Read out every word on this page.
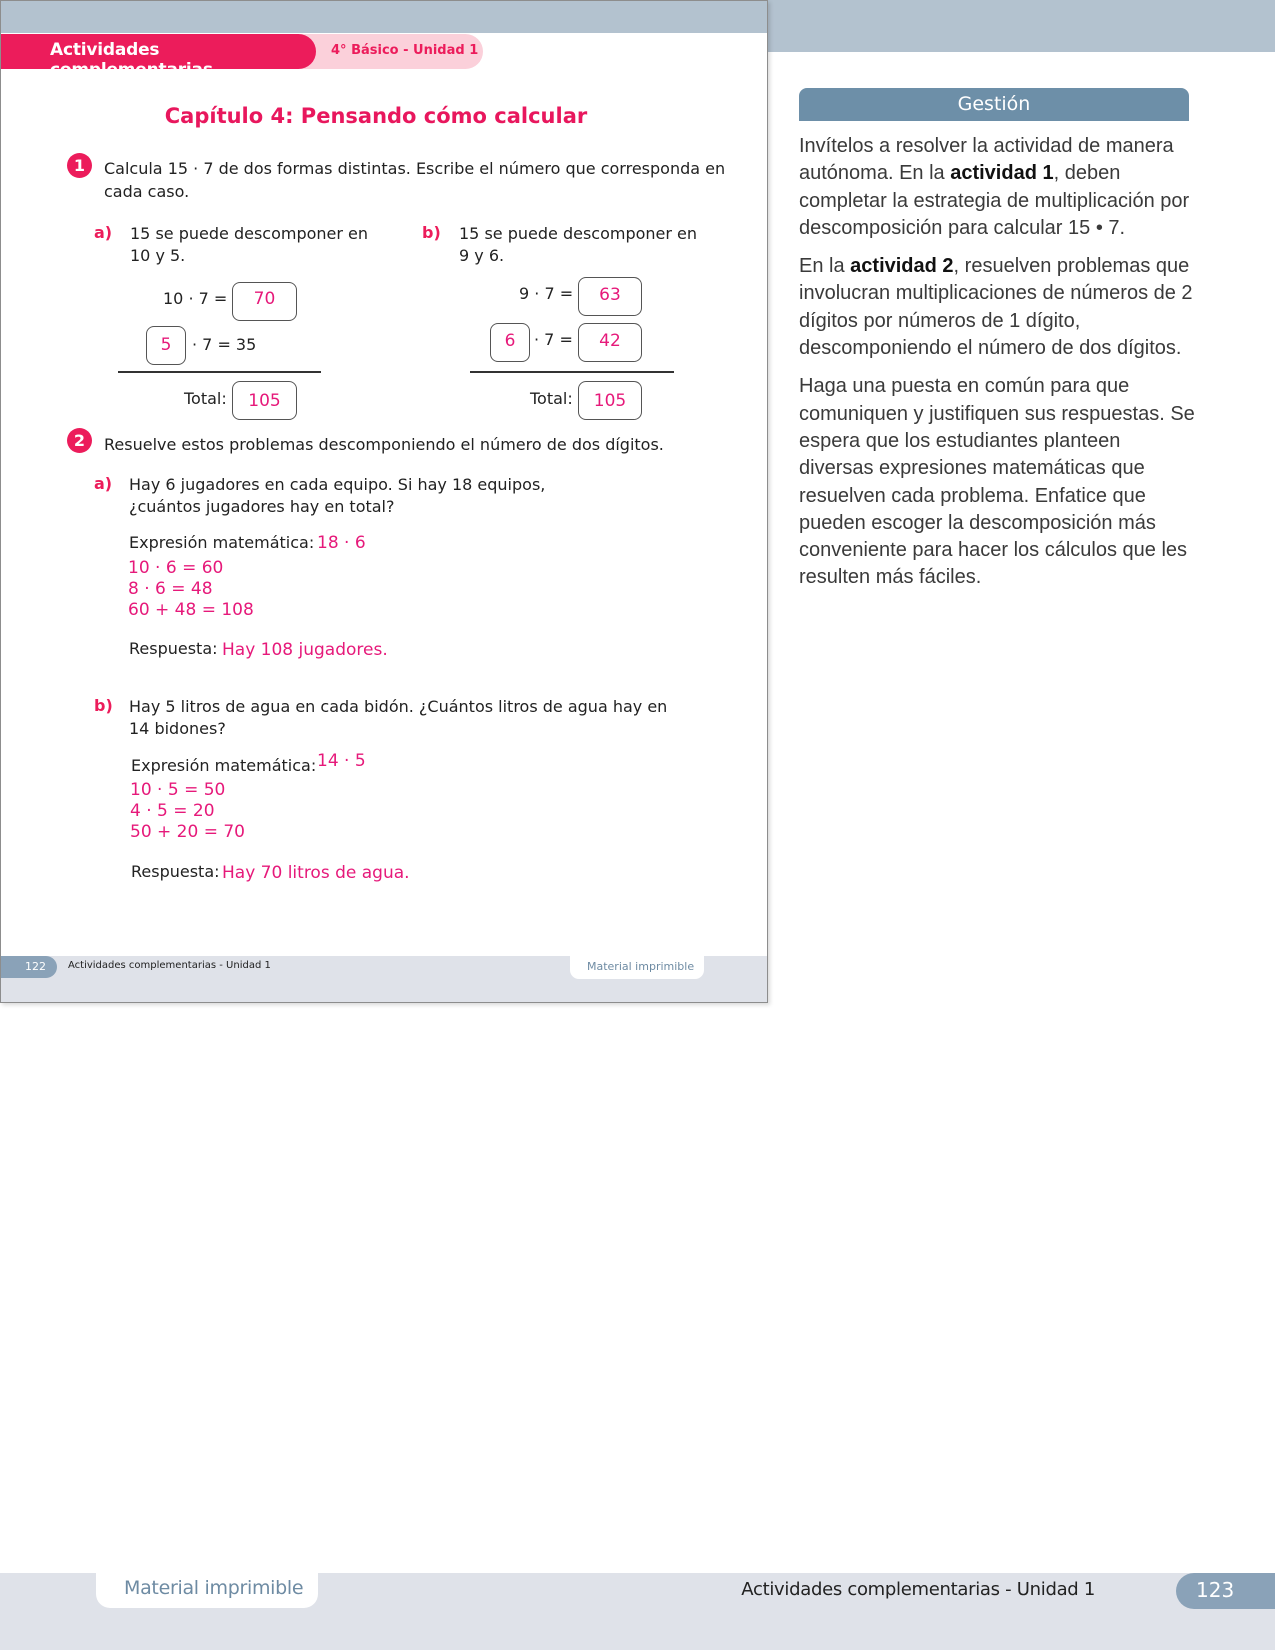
Gestión

Invítelos a resolver la actividad de manera autónoma. En la actividad 1, deben completar la estrategia de multiplicación por descomposición para calcular 15 • 7.

En la actividad 2, resuelven problemas que involucran multiplicaciones de números de 2 dígitos por números de 1 dígito, descomponiendo el número de dos dígitos.

Haga una puesta en común para que comuniquen y justifiquen sus respuestas. Se espera que los estudiantes planteen diversas expresiones matemáticas que resuelven cada problema. Enfatice que pueden escoger la descomposición más conveniente para hacer los cálculos que les resulten más fáciles.

4° Básico - Unidad 1
Actividades complementarias
Capítulo 4: Pensando cómo calcular
1	Calcula 15 · 7 de dos formas distintas. Escribe el número que corresponda en
cada caso.
a) 15 se puede descomponer en
10 y 5.
10 · 7 =	70
5	· 7 = 35
Total:	105
b) 15 se puede descomponer en
9 y 6.
9 · 7 =	63
6	· 7 =	42
Total:	105
2	Resuelve estos problemas descomponiendo el número de dos dígitos.
a) Hay 6 jugadores en cada equipo. Si hay 18 equipos,
¿cuántos jugadores hay en total?
Expresión matemática: 18 · 6
10 · 6 = 60
8 · 6 = 48
60 + 48 = 108
Respuesta: Hay 108 jugadores.
b) Hay 5 litros de agua en cada bidón. ¿Cuántos litros de agua hay en
14 bidones?
Expresión matemática: 14 · 5
10 · 5 = 50
4 · 5 = 20
50 + 20 = 70
Respuesta: Hay 70 litros de agua.
122 Actividades complementarias - Unidad 1	Material imprimible
Material imprimible	Actividades complementarias - Unidad 1	123
